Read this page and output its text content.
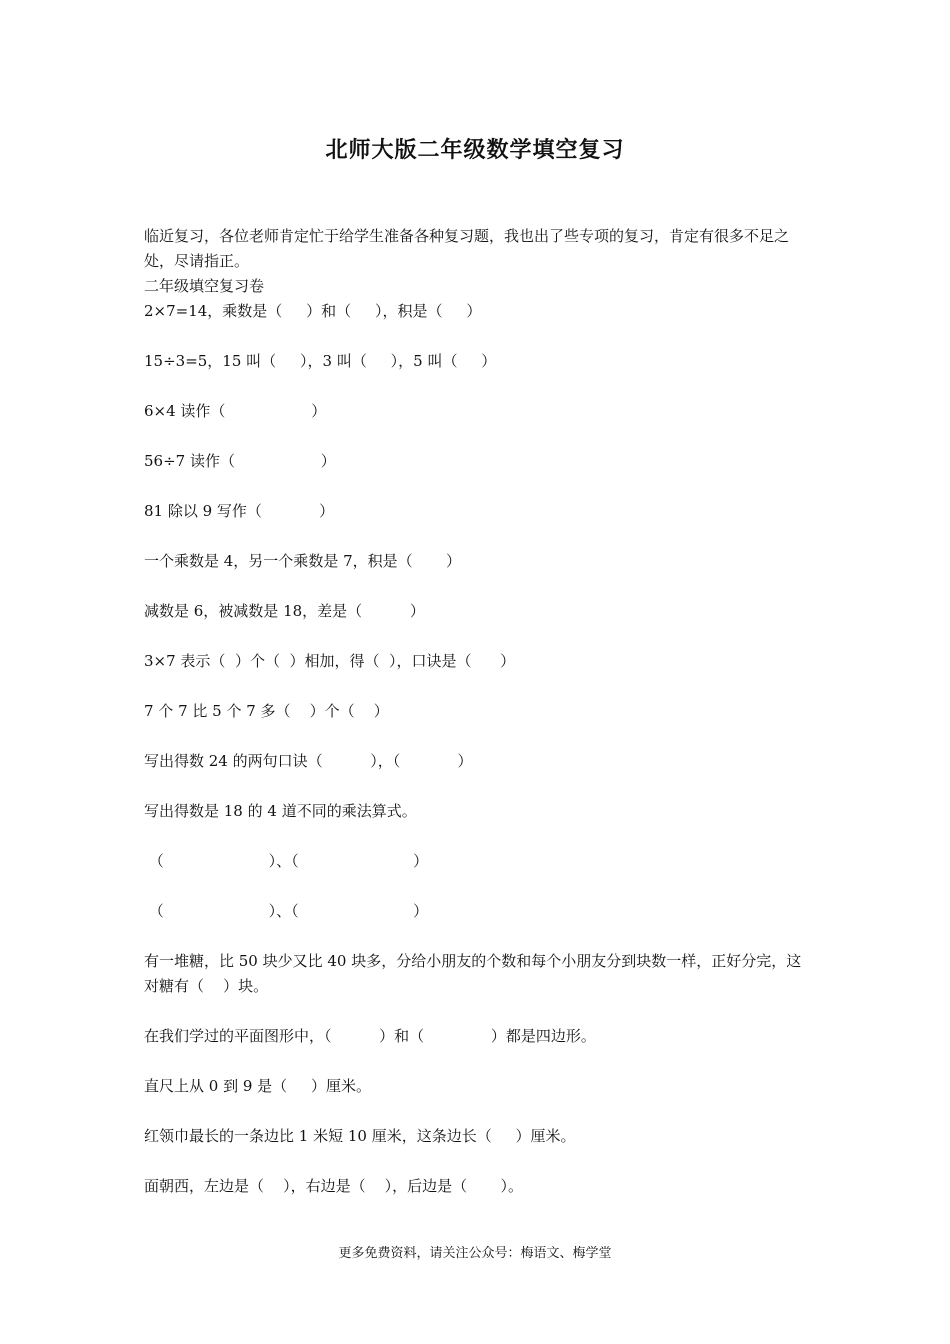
北师大版二年级数学填空复习

临近复习，各位老师肯定忙于给学生准备各种复习题，我也出了些专项的复习，肯定有很多不足之处，尽请指正。

二年级填空复习卷

2×7=14，乘数是（     ）和（     ），积是（     ）

15÷3=5，15 叫（     ），3 叫（     ），5 叫（     ）

6×4 读作（                  ）

56÷7 读作（                  ）

81 除以 9 写作（            ）

一个乘数是 4，另一个乘数是 7，积是（       ）

减数是 6，被减数是 18，差是（          ）

3×7 表示（  ）个（  ）相加，得（  ），口诀是（      ）

7 个 7 比 5 个 7 多（    ）个（    ）

写出得数 24 的两句口诀（          ），（            ）

写出得数是 18 的 4 道不同的乘法算式。

（                      ）、（                        ）

（                      ）、（                        ）

有一堆糖，比 50 块少又比 40 块多，分给小朋友的个数和每个小朋友分到块数一样，正好分完，这对糖有（    ）块。

在我们学过的平面图形中，（          ）和（              ）都是四边形。

直尺上从 0 到 9 是（     ）厘米。

红领巾最长的一条边比 1 米短 10 厘米，这条边长（     ）厘米。

面朝西，左边是（    ），右边是（    ），后边是（       ）。

更多免费资料，请关注公众号：梅语文、梅学堂
